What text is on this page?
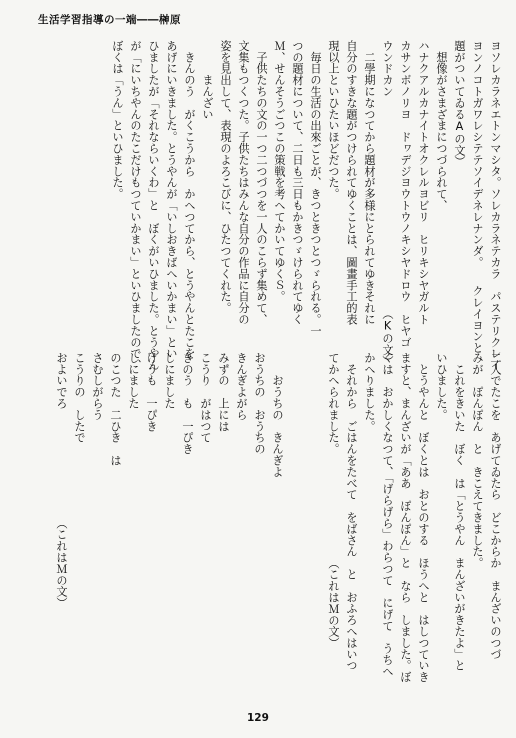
生活学習指導の一端――榊原
ヨソレカラネエトンマシタ。ソレカラネテカラ　パステリクレイ
ヨンノコトガワレシテテソイデネレナンダ。　　クレイヨンと
題がついてゐるAの文）
　想像がさまざまにつづられて、
ハナクアルカナイトオクレルヨビリ　ヒリキシヤガルト
カサンボノリヨ　ドヮデジヨウトウノキシヤドロウ　ヒヤゴ
ウンドカン　　　　　　　　　　　　　　　　　　　（Kの文）
　二學期になつてから題材が多様にとられてゆきそれに
自分のすきな題がつけられてゆくことは、圖畫手工的表
現以上といひたいほどだつた。
　毎日の生活の出來ごとが、きつときつとつゞられる。一
つの題材について、二日も三日もかきつゞけられてゆく
Ｍ、せんそうごつこの策戦を考へてかいてゆくＳ。
　子供たちの文の一つ二つづつを一人のこらず集めて、
文集もつくつた。子供たちはみんな自分の作品に自分の
姿を見出して、表現のよろこびに、ひたつてくれた。
　　　まんざい
　きんのう　がくこうから　かへつてから、とうやんとたこを
あげにいきました。とうやんが「いしおきばへいかまい」とい
ひましたが「それならいくわ」と　ぼくがいひました。とうやん
が「にいちやんのたこだけもつていかまい」といひましたので、
ぼくは「うん」といひました。
二人でたこを　あげてゐたら　どこからか　まんざいのつづ
みが　ぽんぽん　と　きこえてきました。
　これをきいた　ぼく　は「とうやん　まんざいがきたよ」と
いひました。
　とうやんと　ぼくとは　おとのする　ほうへと　はしつていき
ますと、まんざいが「ああ　ぽんぽん」と　なら　しました。ぼ
くは　おかしくなつて、「げらげら」わらつて　にげて　うちへ
かへりました。
　それから　ごはんをたべて　をばさん　と　おふろへはいつ
てかへられました。　　　　　　　　　　（これはＭの文）
　　おうちの　きんぎよ
おうちの　おうちの
きんぎよがら
みずの　上には
こうり　がはつて
きのう　も　一ぴき
しにました
けうも　一ぴき
しにました
のこつた　二ひき　は
さむしがらう
こうりの　したで
およいでろ　　　　　　　　　　（これはＭの文）
129
